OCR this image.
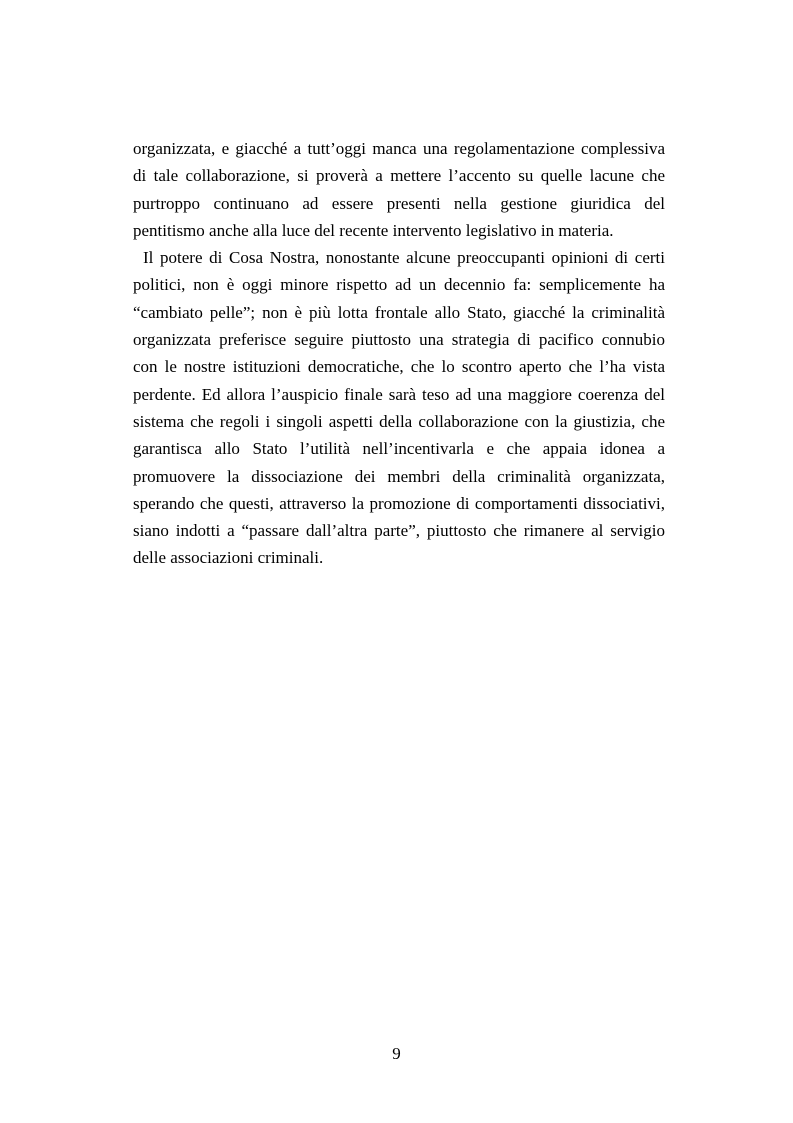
organizzata, e giacché a tutt’oggi manca una regolamentazione complessiva
di tale collaborazione, si proverà a mettere l’accento su quelle lacune che
purtroppo continuano ad essere presenti nella gestione giuridica del
pentitismo anche alla luce del recente intervento legislativo in materia.
Il potere di Cosa Nostra, nonostante alcune preoccupanti opinioni di certi
politici, non è oggi minore rispetto ad un decennio fa: semplicemente ha
“cambiato pelle”; non è più lotta frontale allo Stato, giacché la criminalità
organizzata preferisce seguire piuttosto una strategia di pacifico connubio
con le nostre istituzioni democratiche, che lo scontro aperto che l’ha vista
perdente. Ed allora l’auspicio finale sarà teso ad una maggiore coerenza del
sistema che regoli i singoli aspetti della collaborazione con la giustizia, che
garantisca allo Stato l’utilità nell’incentivarla e che appaia idonea a
promuovere la dissociazione dei membri della criminalità organizzata,
sperando che questi, attraverso la promozione di comportamenti dissociativi,
siano indotti a “passare dall’altra parte”, piuttosto che rimanere al servigio
delle associazioni criminali.
9
